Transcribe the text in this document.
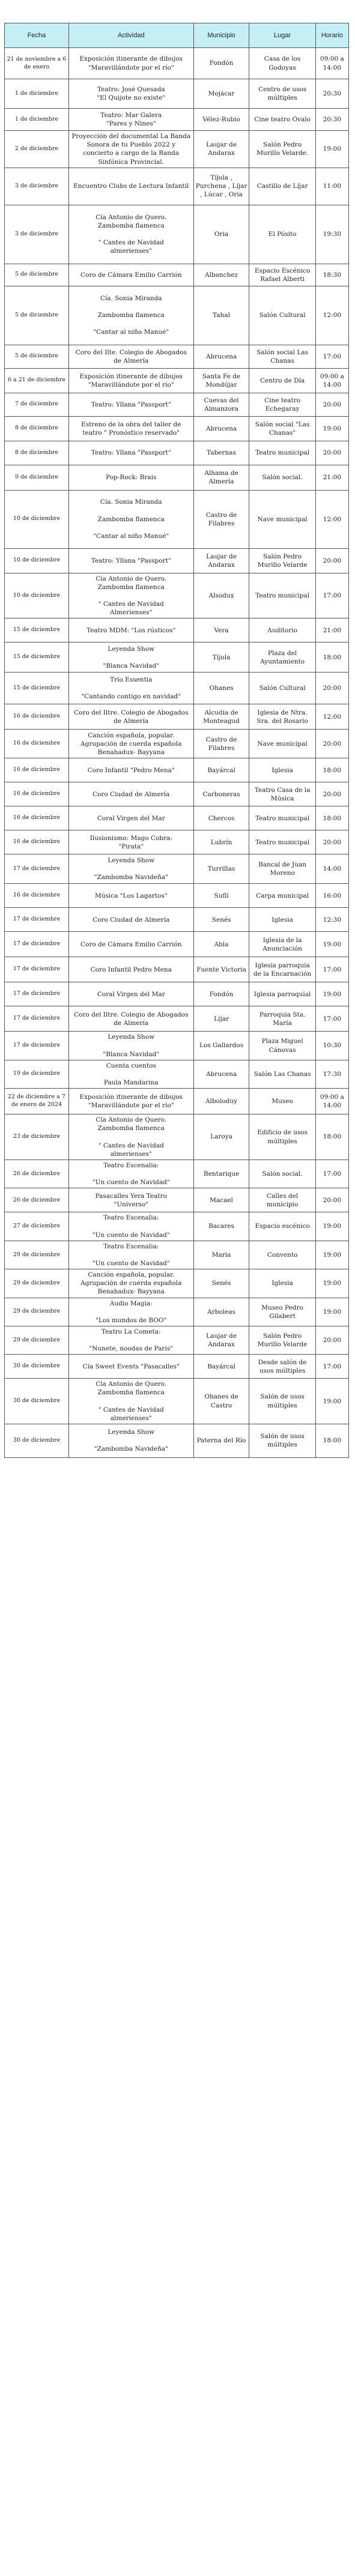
Fecha	Actividad	Municipio	Lugar	Horario
21 de noviembre a 6 de enero	Exposición itinerante de dibujos
"Maravillándote por el río"	Fondón	Casa de los Godoyas	09:00 a 14:00
1 de diciembre	Teatro: José Quesada
"El Quijote no existe"	Mojácar	Centro de usos múltiples	20:30
1 de diciembre	Teatro: Mar Galera
"Pares y Nines"	Vélez-Rubio	Cine teatro Óvalo	20:30
2 de diciembre	Proyección del documental La Banda Sonora de tu Pueblo 2022 y concierto a cargo de la Banda Sinfónica Provincial.	Laujar de Andarax	Salón Pedro Murillo Velarde.	19:00
3 de diciembre	Encuentro Clubs de Lectura Infantil	Tíjola , Purchena , Líjar , Lúcar , Oria	Castillo de Líjar	11:00
3 de diciembre	Cía Antonio de Quero.
Zambomba flamenca
" Cantes de Navidad
almerienses"	Oria	El Pósito	19:30
5 de diciembre	Coro de Cámara Emilio Carrión	Albanchez	Espacio Escénico Rafael Alberti	18:30
5 de diciembre	Cía. Sonia Miranda
Zambomba flamenca
"Cantar al niño Manué"	Tahal	Salón Cultural	12:00
5 de diciembre	Coro del Ilte. Colegio de Abogados de Almería	Abrucena	Salón social Las Chanas	17:00
6 a 21 de diciembre	Exposición itinerante de dibujos
"Maravillándote por el río"	Santa Fe de Mondújar	Centro de Día	09:00 a 14:00
7 de diciembre	Teatro: Yllana "Passport"	Cuevas del Almanzora	Cine teatro Echegaray	20:00
8 de diciembre	Estreno de la obra del taller de teatro " Pronóstico reservado"	Abrucena	Salón social "Las Chanas"	19:00
8 de diciembre	Teatro: Yllana "Passport"	Tabernas	Teatro municipal	20:00
9 de diciembre	Pop-Rock: Brais	Alhama de Almería	Salón social.	21:00
10 de diciembre	Cía. Sonia Miranda
Zambomba flamenca
"Cantar al niño Manué"	Castro de Filabres	Nave municipal	12:00
10 de diciembre	Teatro: Yllana "Passport"	Laujar de Andarax	Salón Pedro Murillo Velarde	20:00
10 de diciembre	Cía Antonio de Quero.
Zambomba flamenca
" Cantes de Navidad
Almerienses"	Alsodux	Teatro municipal	17:00
15 de diciembre	Teatro MDM: "Los rústicos"	Vera	Auditorio	21:00
15 de diciembre	Leyenda Show
"Blanca Navidad"	Tíjola	Plaza del Ayuntamiento	18:00
15 de diciembre	Trío Essentia
"Cantando contigo en navidad"	Ohanes	Salón Cultural	20:00
16 de diciembre	Coro del Iltre. Colegio de Abogados de Almería	Alcudia de Monteagud	Iglesia de Ntra. Sra. del Rosario	12:00
16 de diciembre	Canción española, popular. Agrupación de cuerda española Benahadux- Bayyana	Castro de Filabres	Nave municipal	20:00
16 de diciembre	Coro Infantil "Pedro Mena"	Bayárcal	Iglesia	18:00
16 de diciembre	Coro Ciudad de Almería	Carboneras	Teatro Casa de la Música	20:00
16 de diciembre	Coral Virgen del Mar	Chercos	Teatro municipal	18:00
16 de diciembre	Ilusionismo: Mago Cobra:
"Pirata"	Lubrín	Teatro municipal	20:00
17 de diciembre	Leyenda Show
"Zambomba Navideña"	Turrillas	Bancal de Juan Moreno	14:00
16 de diciembre	Música "Los Lagartos"	Suflí	Carpa municipal	16:00
17 de diciembre	Coro Ciudad de Almería	Senés	Iglesia	12:30
17 de diciembre	Coro de Cámara Emilio Carrión	Abla	Iglesia de la Anunciación	19:00
17 de diciembre	Coro Infantil Pedro Mena	Fuente Victoria	Iglesia parroquia de la Encarnación	17:00
17 de diciembre	Coral Virgen del Mar	Fondón	Iglesia parroquial	19:00
17 de diciembre	Coro del Iltre. Colegio de Abogados de Almería	Líjar	Parroquia Sta. María	17:00
17 de diciembre	Leyenda Show
"Blanca Navidad"	Los Gallardos	Plaza Miguel Cánovas	10:30
19 de diciembre	Cuenta cuentos
Paula Mandarina	Abrucena	Salón Las Chanas	17:30
22 de diciembre a 7 de enero de 2024	Exposición itinerante de dibujos
"Maravillándote por el río"	Alboloduy	Museo	09:00 a 14:00
23 de diciembre	Cía Antonio de Quero.
Zambomba flamenca
" Cantes de Navidad
almerienses"	Laroya	Edificio de usos múltiples	18:00
26 de diciembre	Teatro Escenalia:
"Un cuento de Navidad"	Bentarique	Salón social.	17:00
26 de diciembre	Pasacalles Yera Teatro
"Universo"	Macael	Calles del municipio	20:00
27 de diciembre	Teatro Escenalia:
"Un cuento de Navidad"	Bacares	Espacio escénico	19:00
29 de diciembre	Teatro Escenalia:
"Un cuento de Navidad"	Maria	Convento	19:00
29 de diciembre	Canción española, popular. Agrupación de cuerda española Benahadux- Bayyana	Senés	Iglesia	19:00
29 de diciembre	Audio Magia:
"Los mundos de BOO"	Arboleas	Museo Pedro Gilabert	19:00
29 de diciembre	Teatro La Cometa:
"Nunete, noodas de Paris"	Laujar de Andarax	Salón Pedro Murillo Velarde	20:00
30 de diciembre	Cía Sweet Events "Pasacalles"	Bayárcal	Desde salón de usos múltiples	17:00
30 de diciembre	Cía Antonio de Quero.
Zambomba flamenca
" Cantes de Navidad
almerienses"	Ohanes de Castro	Salón de usos múltiples	19:00
30 de diciembre	Leyenda Show
"Zambomba Navideña"	Paterna del Río	Salón de usos múltiples	18:00
